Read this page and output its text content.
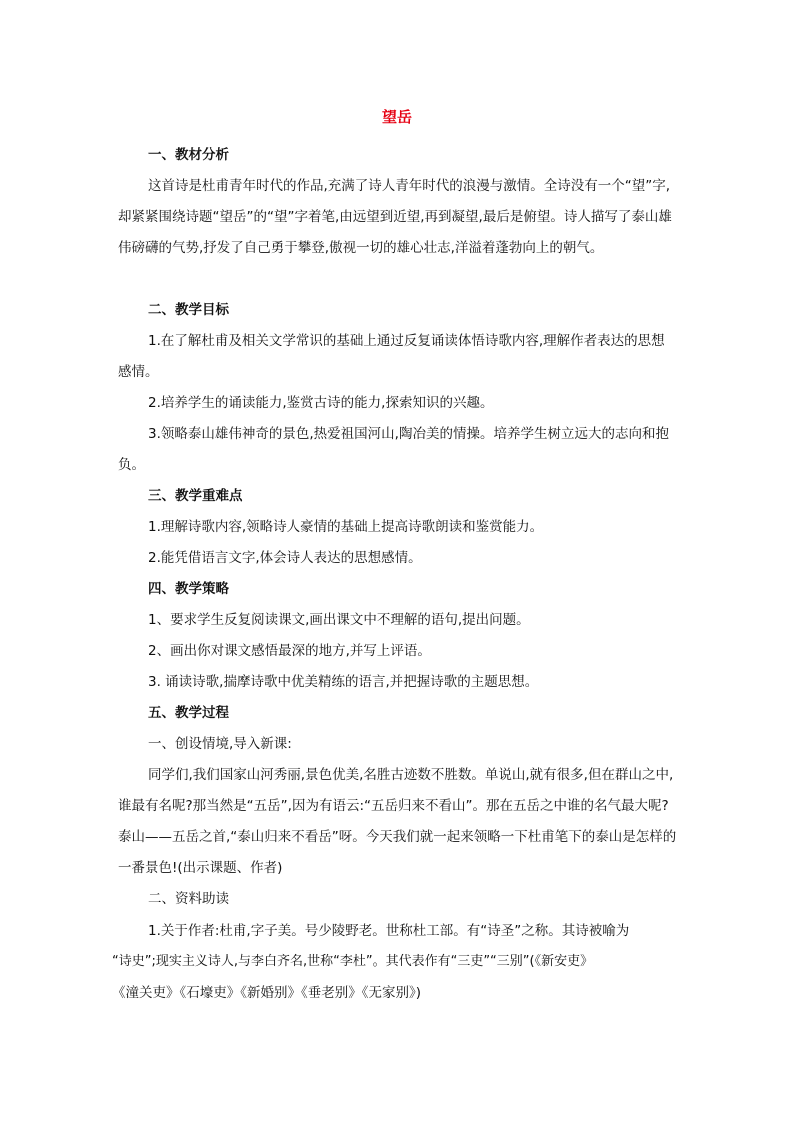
望岳

一、教材分析

这首诗是杜甫青年时代的作品,充满了诗人青年时代的浪漫与激情。全诗没有一个“望”字,却紧紧围绕诗题“望岳”的“望”字着笔,由远望到近望,再到凝望,最后是俯望。诗人描写了泰山雄伟磅礴的气势,抒发了自己勇于攀登,傲视一切的雄心壮志,洋溢着蓬勃向上的朝气。

二、教学目标

1.在了解杜甫及相关文学常识的基础上通过反复诵读体悟诗歌内容,理解作者表达的思想感情。

2.培养学生的诵读能力,鉴赏古诗的能力,探索知识的兴趣。

3.领略泰山雄伟神奇的景色,热爱祖国河山,陶冶美的情操。培养学生树立远大的志向和抱负。

三、教学重难点

1.理解诗歌内容,领略诗人豪情的基础上提高诗歌朗读和鉴赏能力。

2.能凭借语言文字,体会诗人表达的思想感情。

四、教学策略

1、要求学生反复阅读课文,画出课文中不理解的语句,提出问题。

2、画出你对课文感悟最深的地方,并写上评语。

3. 诵读诗歌,揣摩诗歌中优美精练的语言,并把握诗歌的主题思想。

五、教学过程

一、创设情境,导入新课:

同学们,我们国家山河秀丽,景色优美,名胜古迹数不胜数。单说山,就有很多,但在群山之中,谁最有名呢?那当然是“五岳”,因为有语云:“五岳归来不看山”。那在五岳之中谁的名气最大呢?泰山——五岳之首,“泰山归来不看岳”呀。今天我们就一起来领略一下杜甫笔下的泰山是怎样的一番景色!(出示课题、作者)

二、资料助读

1.关于作者:杜甫,字子美。号少陵野老。世称杜工部。有“诗圣”之称。其诗被喻为
“诗史”;现实主义诗人,与李白齐名,世称“李杜”。其代表作有“三吏”“三别”(《新安吏》
《潼关吏》《石壕吏》《新婚别》《垂老别》《无家别》)
